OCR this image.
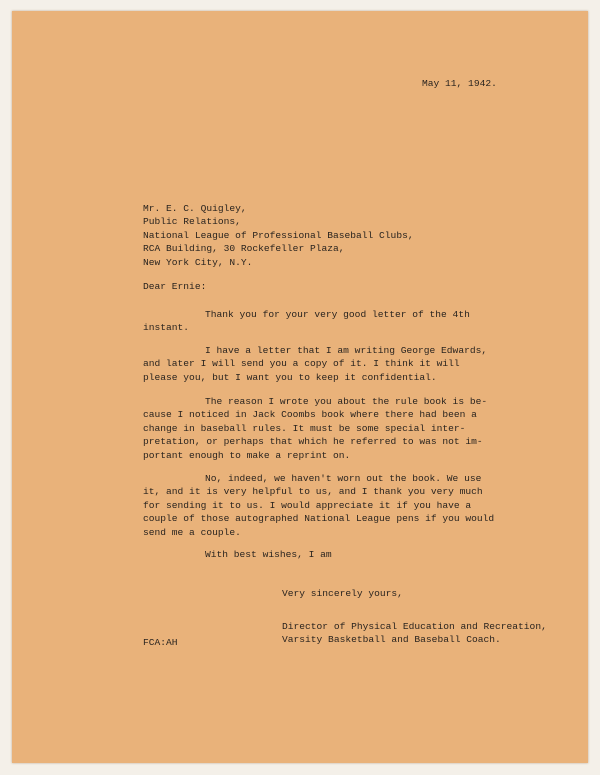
May 11, 1942.
Mr. E. C. Quigley,
Public Relations,
National League of Professional Baseball Clubs,
RCA Building, 30 Rockefeller Plaza,
New York City, N.Y.
Dear Ernie:
Thank you for your very good letter of the 4th
instant.
I have a letter that I am writing George Edwards,
and later I will send you a copy of it. I think it will
please you, but I want you to keep it confidential.
The reason I wrote you about the rule book is be-
cause I noticed in Jack Coombs book where there had been a
change in baseball rules. It must be some special inter-
pretation, or perhaps that which he referred to was not im-
portant enough to make a reprint on.
No, indeed, we haven't worn out the book. We use
it, and it is very helpful to us, and I thank you very much
for sending it to us. I would appreciate it if you have a
couple of those autographed National League pens if you would
send me a couple.
With best wishes, I am
Very sincerely yours,
Director of Physical Education and Recreation,
Varsity Basketball and Baseball Coach.
FCA:AH
